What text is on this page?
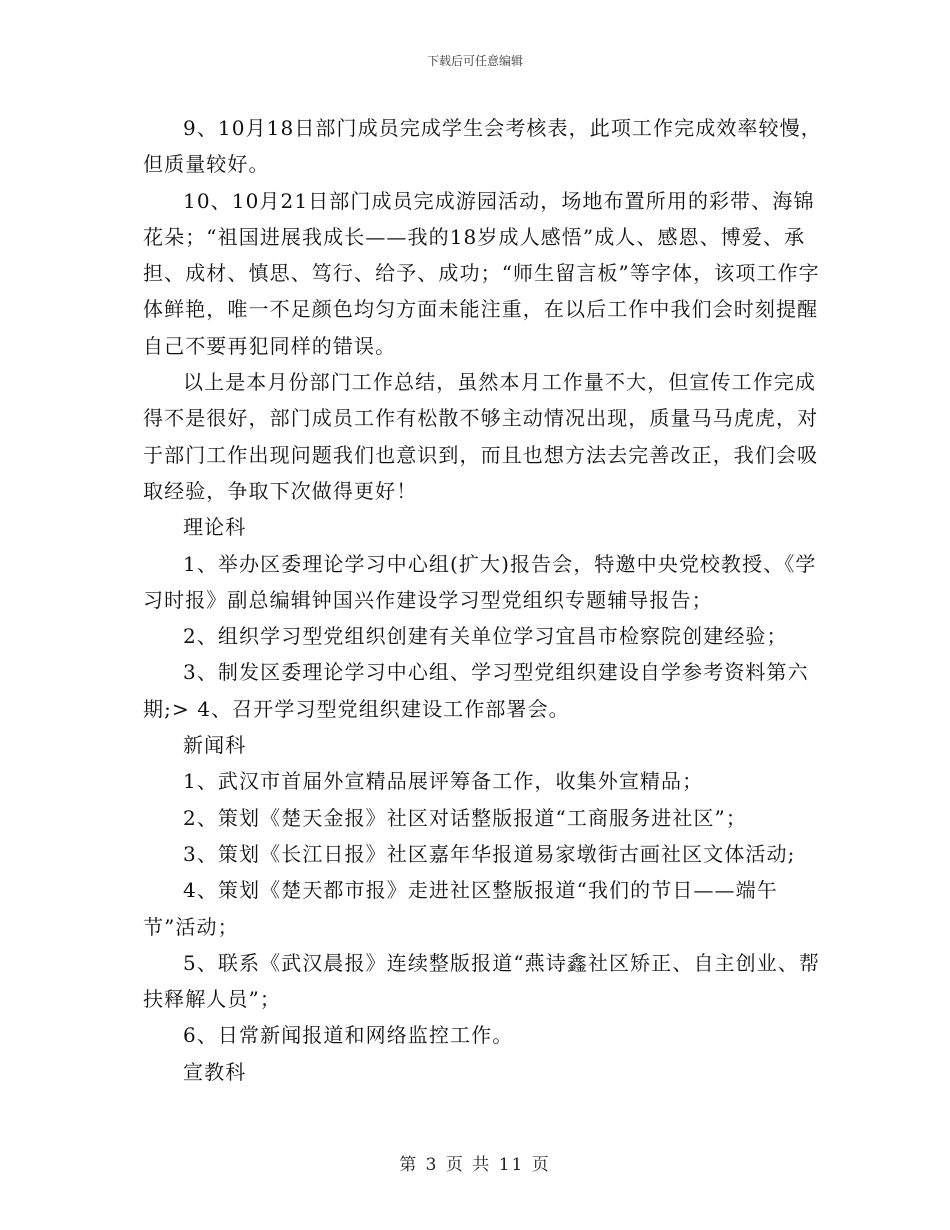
下载后可任意编辑

9、10月18日部门成员完成学生会考核表，此项工作完成效率较慢，但质量较好。

10、10月21日部门成员完成游园活动，场地布置所用的彩带、海锦花朵；“祖国进展我成长——我的18岁成人感悟”成人、感恩、博爱、承担、成材、慎思、笃行、给予、成功；“师生留言板”等字体，该项工作字体鲜艳，唯一不足颜色均匀方面未能注重，在以后工作中我们会时刻提醒自己不要再犯同样的错误。

以上是本月份部门工作总结，虽然本月工作量不大，但宣传工作完成得不是很好，部门成员工作有松散不够主动情况出现，质量马马虎虎，对于部门工作出现问题我们也意识到，而且也想方法去完善改正，我们会吸取经验，争取下次做得更好！

理论科

1、举办区委理论学习中心组(扩大)报告会，特邀中央党校教授、《学习时报》副总编辑钟国兴作建设学习型党组织专题辅导报告；

2、组织学习型党组织创建有关单位学习宜昌市检察院创建经验；

3、制发区委理论学习中心组、学习型党组织建设自学参考资料第六期;> 4、召开学习型党组织建设工作部署会。

新闻科

1、武汉市首届外宣精品展评筹备工作，收集外宣精品；

2、策划《楚天金报》社区对话整版报道“工商服务进社区”；

3、策划《长江日报》社区嘉年华报道易家墩街古画社区文体活动;

4、策划《楚天都市报》走进社区整版报道“我们的节日——端午节”活动；

5、联系《武汉晨报》连续整版报道“燕诗鑫社区矫正、自主创业、帮扶释解人员”；

6、日常新闻报道和网络监控工作。

宣教科

第 3 页 共 11 页
